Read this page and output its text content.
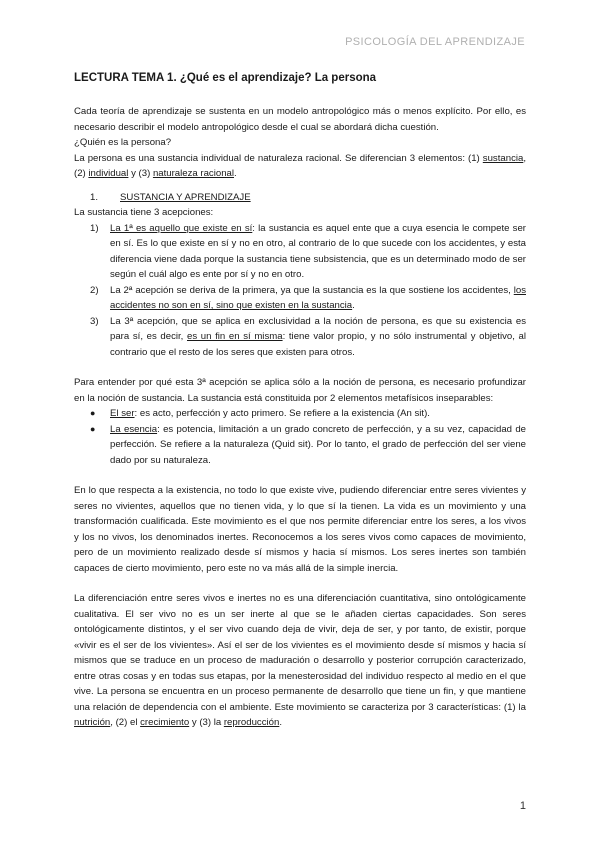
PSICOLOGÍA DEL APRENDIZAJE
LECTURA TEMA 1. ¿Qué es el aprendizaje? La persona

Cada teoría de aprendizaje se sustenta en un modelo antropológico más o menos explícito. Por ello, es necesario describir el modelo antropológico desde el cual se abordará dicha cuestión.

¿Quién es la persona?

La persona es una sustancia individual de naturaleza racional. Se diferencian 3 elementos: (1) sustancia, (2) individual y (3) naturaleza racional.

1. SUSTANCIA Y APRENDIZAJE

La sustancia tiene 3 acepciones:

1) La 1ª es aquello que existe en sí: la sustancia es aquel ente que a cuya esencia le compete ser en sí. Es lo que existe en sí y no en otro, al contrario de lo que sucede con los accidentes, y esta diferencia viene dada porque la sustancia tiene subsistencia, que es un determinado modo de ser según el cuál algo es ente por sí y no en otro.
2) La 2ª acepción se deriva de la primera, ya que la sustancia es la que sostiene los accidentes, los accidentes no son en sí, sino que existen en la sustancia.
3) La 3ª acepción, que se aplica en exclusividad a la noción de persona, es que su existencia es para sí, es decir, es un fin en sí misma: tiene valor propio, y no sólo instrumental y objetivo, al contrario que el resto de los seres que existen para otros.

Para entender por qué esta 3ª acepción se aplica sólo a la noción de persona, es necesario profundizar en la noción de sustancia. La sustancia está constituida por 2 elementos metafísicos inseparables:

● El ser: es acto, perfección y acto primero. Se refiere a la existencia (An sit).
● La esencia: es potencia, limitación a un grado concreto de perfección, y a su vez, capacidad de perfección. Se refiere a la naturaleza (Quid sit). Por lo tanto, el grado de perfección del ser viene dado por su naturaleza.

En lo que respecta a la existencia, no todo lo que existe vive, pudiendo diferenciar entre seres vivientes y seres no vivientes, aquellos que no tienen vida, y lo que sí la tienen. La vida es un movimiento y una transformación cualificada. Este movimiento es el que nos permite diferenciar entre los seres, a los vivos y los no vivos, los denominados inertes. Reconocemos a los seres vivos como capaces de movimiento, pero de un movimiento realizado desde sí mismos y hacia sí mismos. Los seres inertes son también capaces de cierto movimiento, pero este no va más allá de la simple inercia.

La diferenciación entre seres vivos e inertes no es una diferenciación cuantitativa, sino ontológicamente cualitativa. El ser vivo no es un ser inerte al que se le añaden ciertas capacidades. Son seres ontológicamente distintos, y el ser vivo cuando deja de vivir, deja de ser, y por tanto, de existir, porque «vivir es el ser de los vivientes». Así el ser de los vivientes es el movimiento desde sí mismos y hacia sí mismos que se traduce en un proceso de maduración o desarrollo y posterior corrupción caracterizado, entre otras cosas y en todas sus etapas, por la menesterosidad del individuo respecto al medio en el que vive. La persona se encuentra en un proceso permanente de desarrollo que tiene un fin, y que mantiene una relación de dependencia con el ambiente. Este movimiento se caracteriza por 3 características: (1) la nutrición, (2) el crecimiento y (3) la reproducción.

1
